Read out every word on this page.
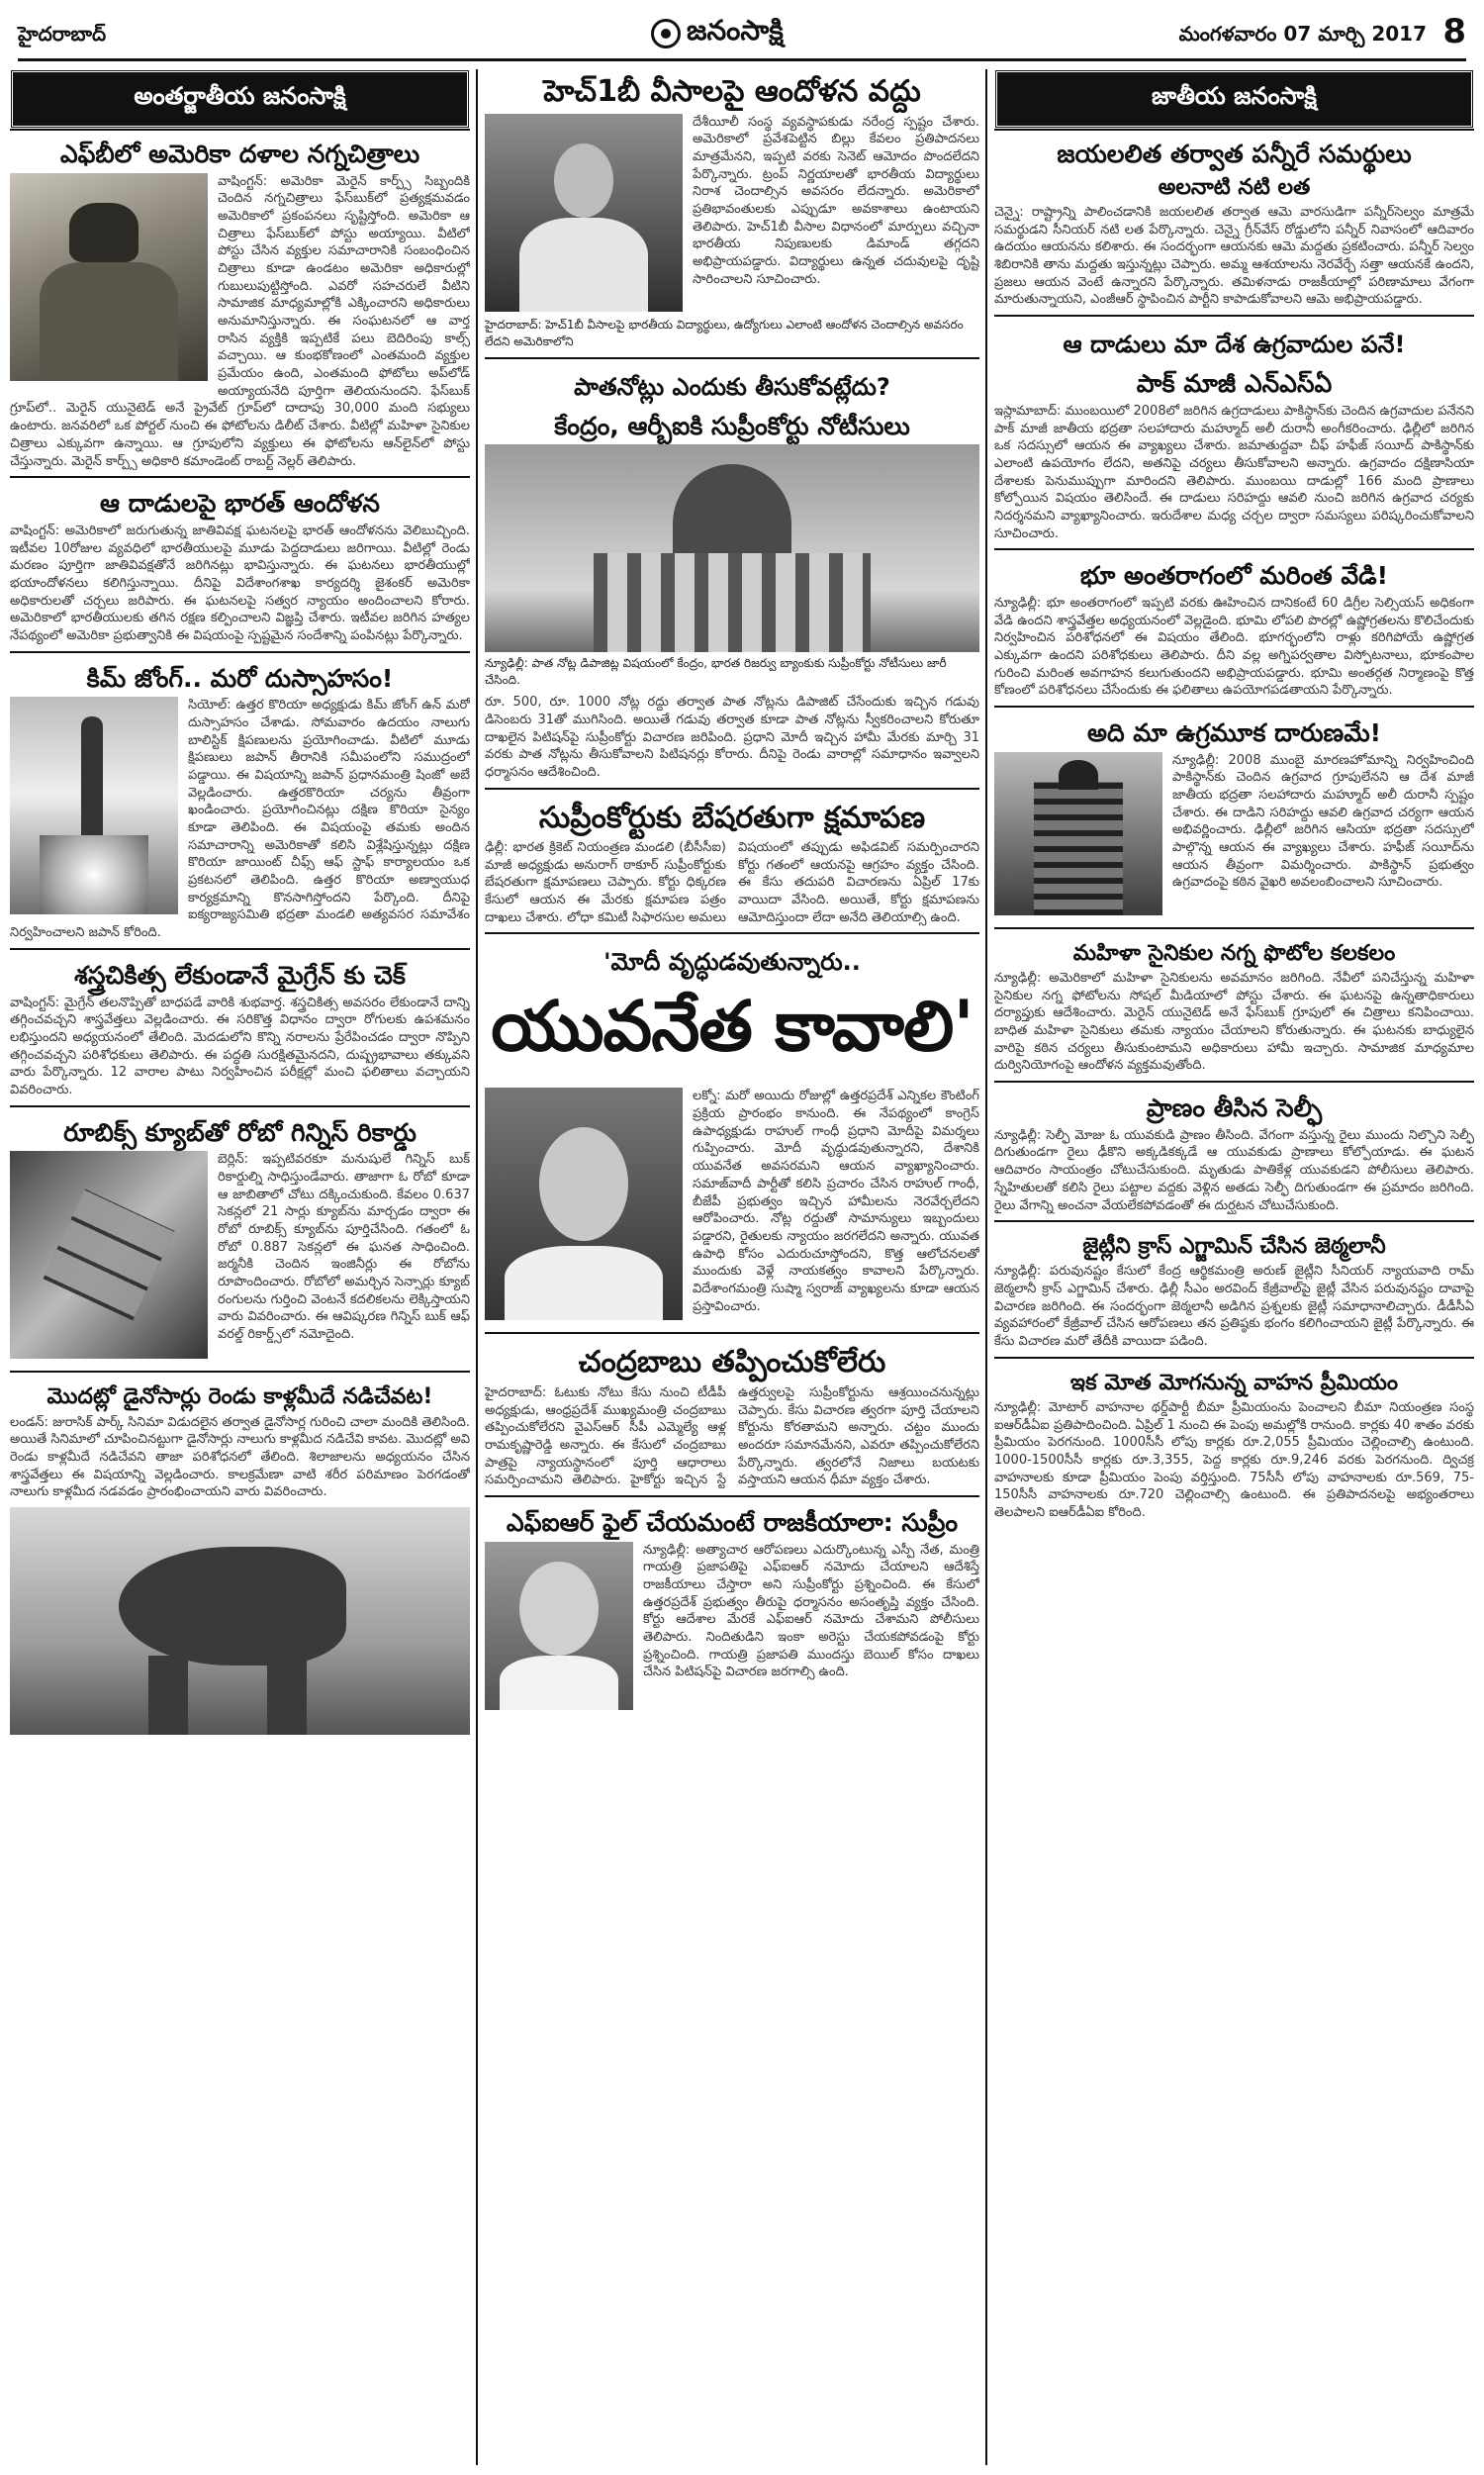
హైదరాబాద్	జనంసాక్షి	మంగళవారం 07 మార్చి 2017 8
అంతర్జాతీయ జనంసాక్షి
ఎఫ్‌బీలో అమెరికా దళాల నగ్నచిత్రాలు

వాషింగ్టన్‌: అమెరికా మెరైన్‌ కార్ప్స్‌ సిబ్బందికి చెందిన నగ్నచిత్రాలు ఫేస్‌బుక్‌లో ప్రత్యక్షమవడం అమెరికాలో ప్రకంపనలు సృష్టిస్తోంది. అమెరికా ఆ చిత్రాలు ఫేస్‌బుక్‌లో పోస్టు అయ్యాయి. వీటిలో పోస్టు చేసిన వ్యక్తుల సమాచారానికి సంబంధించిన చిత్రాలు కూడా ఉండటం అమెరికా అధికారుల్లో గుబులుపుట్టిస్తోంది. ఎవరో సహచరులే వీటిని సామాజిక మాధ్యమాల్లోకి ఎక్కించారని అధికారులు అనుమానిస్తున్నారు. ఈ సంఘటనలో ఆ వార్త రాసిన వ్యక్తికి ఇప్పటికే పలు బెదిరింపు కాల్స్‌ వచ్చాయి. ఆ కుంభకోణంలో ఎంతమంది వ్యక్తుల ప్రమేయం ఉంది, ఎంతమంది ఫోటోలు అప్‌లోడ్‌ అయ్యాయనేది పూర్తిగా తెలియనుందని. ఫేస్‌బుక్‌ గ్రూప్‌లో.. మెరైన్‌ యునైటెడ్‌ అనే ప్రైవేట్‌ గ్రూప్‌లో దాదాపు 30,000 మంది సభ్యులు ఉంటారు. జనవరిలో ఒక పోర్టల్‌ నుంచి ఈ ఫోటోలను డిలీట్‌ చేశారు. వీటిల్లో మహిళా సైనికుల చిత్రాలు ఎక్కువగా ఉన్నాయి. ఆ గ్రూపులోని వ్యక్తులు ఈ ఫోటోలను ఆన్‌లైన్‌లో పోస్టు చేస్తున్నారు. మెరైన్‌ కార్ప్స్‌ అధికారి కమాండెంట్‌ రాబర్ట్‌ నెల్లర్‌ తెలిపారు.

ఆ దాడులపై భారత్‌ ఆందోళన

వాషింగ్టన్‌: అమెరికాలో జరుగుతున్న జాతివివక్ష ఘటనలపై భారత్‌ ఆందోళనను వెలిబుచ్చింది. ఇటీవల 10రోజుల వ్యవధిలో భారతీయులపై మూడు పెద్దదాడులు జరిగాయి. వీటిల్లో రెండు మరణం పూర్తిగా జాతివివక్షతోనే జరిగినట్లు భావిస్తున్నారు. ఈ ఘటనలు భారతీయుల్లో భయాందోళనలు కలిగిస్తున్నాయి. దీనిపై విదేశాంగశాఖ కార్యదర్శి జైశంకర్‌ అమెరికా అధికారులతో చర్చలు జరిపారు. ఈ ఘటనలపై సత్వర న్యాయం అందించాలని కోరారు. అమెరికాలో భారతీయులకు తగిన రక్షణ కల్పించాలని విజ్ఞప్తి చేశారు. ఇటీవల జరిగిన హత్యల నేపథ్యంలో అమెరికా ప్రభుత్వానికి ఈ విషయంపై స్పష్టమైన సందేశాన్ని పంపినట్లు పేర్కొన్నారు.

కిమ్‌ జోంగ్‌.. మరో దుస్సాహసం!

సియోల్‌: ఉత్తర కొరియా అధ్యక్షుడు కిమ్‌ జోంగ్‌ ఉన్‌ మరో దుస్సాహసం చేశాడు. సోమవారం ఉదయం నాలుగు బాలిస్టిక్‌ క్షిపణులను ప్రయోగించాడు. వీటిలో మూడు క్షిపణులు జపాన్‌ తీరానికి సమీపంలోని సముద్రంలో పడ్డాయి. ఈ విషయాన్ని జపాన్‌ ప్రధానమంత్రి షింజో అబే వెల్లడించారు. ఉత్తరకొరియా చర్యను తీవ్రంగా ఖండించారు. ప్రయోగించినట్లు దక్షిణ కొరియా సైన్యం కూడా తెలిపింది. ఈ విషయంపై తమకు అందిన సమాచారాన్ని అమెరికాతో కలిసి విశ్లేషిస్తున్నట్లు దక్షిణ కొరియా జాయింట్‌ చీఫ్స్‌ ఆఫ్‌ స్టాఫ్‌ కార్యాలయం ఒక ప్రకటనలో తెలిపింది. ఉత్తర కొరియా అణ్వాయుధ కార్యక్రమాన్ని కొనసాగిస్తోందని పేర్కొంది. దీనిపై ఐక్యరాజ్యసమితి భద్రతా మండలి అత్యవసర సమావేశం నిర్వహించాలని జపాన్‌ కోరింది.

శస్త్రచికిత్స లేకుండానే మైగ్రేన్‌ కు చెక్‌

వాషింగ్టన్‌: మైగ్రేన్‌ తలనొప్పితో బాధపడే వారికి శుభవార్త. శస్త్రచికిత్స అవసరం లేకుండానే దాన్ని తగ్గించవచ్చని శాస్త్రవేత్తలు వెల్లడించారు. ఈ సరికొత్త విధానం ద్వారా రోగులకు ఉపశమనం లభిస్తుందని అధ్యయనంలో తేలింది. మెదడులోని కొన్ని నరాలను ప్రేరేపించడం ద్వారా నొప్పిని తగ్గించవచ్చని పరిశోధకులు తెలిపారు. ఈ పద్ధతి సురక్షితమైనదని, దుష్ప్రభావాలు తక్కువని వారు పేర్కొన్నారు. 12 వారాల పాటు నిర్వహించిన పరీక్షల్లో మంచి ఫలితాలు వచ్చాయని వివరించారు.

రూబిక్స్‌ క్యూబ్‌తో రోబో గిన్నిస్‌ రికార్డు

బెర్లిన్‌: ఇప్పటివరకూ మనుషులే గిన్నిస్‌ బుక్‌ రికార్డుల్ని సాధిస్తుండేవారు. తాజాగా ఓ రోబో కూడా ఆ జాబితాలో చోటు దక్కించుకుంది. కేవలం 0.637 సెకన్లలో 21 సార్లు క్యూబ్‌ను మార్చడం ద్వారా ఈ రోబో రూబిక్స్‌ క్యూబ్‌ను పూర్తిచేసింది. గతంలో ఓ రోబో 0.887 సెకన్లలో ఈ ఘనత సాధించింది. జర్మనీకి చెందిన ఇంజినీర్లు ఈ రోబోను రూపొందించారు. రోబోలో అమర్చిన సెన్సార్లు క్యూబ్‌ రంగులను గుర్తించి వెంటనే కదలికలను లెక్కిస్తాయని వారు వివరించారు. ఈ ఆవిష్కరణ గిన్నిస్‌ బుక్‌ ఆఫ్‌ వరల్డ్‌ రికార్డ్స్‌లో నమోదైంది.

మొదట్లో డైనోసార్లు రెండు కాళ్లమీదే నడిచేవట!

లండన్‌: జురాసిక్‌ పార్క్‌ సినిమా విడుదలైన తర్వాత డైనోసార్ల గురించి చాలా మందికి తెలిసింది. అయితే సినిమాలో చూపించినట్టుగా డైనోసార్లు నాలుగు కాళ్లమీద నడిచేవి కావట. మొదట్లో అవి రెండు కాళ్లమీదే నడిచేవని తాజా పరిశోధనలో తేలింది. శిలాజాలను అధ్యయనం చేసిన శాస్త్రవేత్తలు ఈ విషయాన్ని వెల్లడించారు. కాలక్రమేణా వాటి శరీర పరిమాణం పెరగడంతో నాలుగు కాళ్లమీద నడవడం ప్రారంభించాయని వారు వివరించారు.

హెచ్‌1బీ వీసాలపై ఆందోళన వద్దు

దేశీయీలీ సంస్థ వ్యవస్థాపకుడు నరేంద్ర స్పష్టం చేశారు. అమెరికాలో ప్రవేశపెట్టిన బిల్లు కేవలం ప్రతిపాదనలు మాత్రమేనని, ఇప్పటి వరకు సెనెట్‌ ఆమోదం పొందలేదని పేర్కొన్నారు. ట్రంప్‌ నిర్ణయాలతో భారతీయ విద్యార్థులు నిరాశ చెందాల్సిన అవసరం లేదన్నారు. అమెరికాలో ప్రతిభావంతులకు ఎప్పుడూ అవకాశాలు ఉంటాయని తెలిపారు. హెచ్‌1బీ వీసాల విధానంలో మార్పులు వచ్చినా భారతీయ నిపుణులకు డిమాండ్‌ తగ్గదని అభిప్రాయపడ్డారు. విద్యార్థులు ఉన్నత చదువులపై దృష్టి సారించాలని సూచించారు.

హైదరాబాద్‌: హెచ్‌1బీ వీసాలపై భారతీయ విద్యార్థులు, ఉద్యోగులు ఎలాంటి ఆందోళన చెందాల్సిన అవసరం లేదని అమెరికాలోని

పాతనోట్లు ఎందుకు తీసుకోవట్లేదు?
కేంద్రం, ఆర్బీఐకి సుప్రీంకోర్టు నోటీసులు

న్యూఢిల్లీ: పాత నోట్ల డిపాజిట్ల విషయంలో కేంద్రం, భారత రిజర్వు బ్యాంకుకు సుప్రీంకోర్టు నోటీసులు జారీ చేసింది.

రూ. 500, రూ. 1000 నోట్ల రద్దు తర్వాత పాత నోట్లను డిపాజిట్‌ చేసేందుకు ఇచ్చిన గడువు డిసెంబరు 31తో ముగిసింది. అయితే గడువు తర్వాత కూడా పాత నోట్లను స్వీకరించాలని కోరుతూ దాఖలైన పిటిషన్‌పై సుప్రీంకోర్టు విచారణ జరిపింది. ప్రధాని మోదీ ఇచ్చిన హామీ మేరకు మార్చి 31 వరకు పాత నోట్లను తీసుకోవాలని పిటిషనర్లు కోరారు. దీనిపై రెండు వారాల్లో సమాధానం ఇవ్వాలని ధర్మాసనం ఆదేశించింది.

సుప్రీంకోర్టుకు బేషరతుగా క్షమాపణ

ఢిల్లీ: భారత క్రికెట్‌ నియంత్రణ మండలి (బీసీసీఐ) మాజీ అధ్యక్షుడు అనురాగ్‌ ఠాకూర్‌ సుప్రీంకోర్టుకు బేషరతుగా క్షమాపణలు చెప్పారు. కోర్టు ధిక్కరణ కేసులో ఆయన ఈ మేరకు క్షమాపణ పత్రం దాఖలు చేశారు. లోధా కమిటీ సిఫారసుల అమలు విషయంలో తప్పుడు అఫిడవిట్‌ సమర్పించారని కోర్టు గతంలో ఆయనపై ఆగ్రహం వ్యక్తం చేసింది. ఈ కేసు తదుపరి విచారణను ఏప్రిల్‌ 17కు వాయిదా వేసింది. అయితే, కోర్టు క్షమాపణను ఆమోదిస్తుందా లేదా అనేది తెలియాల్సి ఉంది.

'మోదీ వృద్ధుడవుతున్నారు..
యువనేత కావాలి'

లక్నో: మరో అయిదు రోజుల్లో ఉత్తరప్రదేశ్‌ ఎన్నికల కౌంటింగ్‌ ప్రక్రియ ప్రారంభం కానుంది. ఈ నేపథ్యంలో కాంగ్రెస్‌ ఉపాధ్యక్షుడు రాహుల్‌ గాంధీ ప్రధాని మోదీపై విమర్శలు గుప్పించారు. మోదీ వృద్ధుడవుతున్నారని, దేశానికి యువనేత అవసరమని ఆయన వ్యాఖ్యానించారు. సమాజ్‌వాదీ పార్టీతో కలిసి ప్రచారం చేసిన రాహుల్‌ గాంధీ, బీజేపీ ప్రభుత్వం ఇచ్చిన హామీలను నెరవేర్చలేదని ఆరోపించారు. నోట్ల రద్దుతో సామాన్యులు ఇబ్బందులు పడ్డారని, రైతులకు న్యాయం జరగలేదని అన్నారు. యువత ఉపాధి కోసం ఎదురుచూస్తోందని, కొత్త ఆలోచనలతో ముందుకు వెళ్లే నాయకత్వం కావాలని పేర్కొన్నారు. విదేశాంగమంత్రి సుష్మా స్వరాజ్‌ వ్యాఖ్యలను కూడా ఆయన ప్రస్తావించారు.

చంద్రబాబు తప్పించుకోలేరు

హైదరాబాద్‌: ఓటుకు నోటు కేసు నుంచి టీడీపీ అధ్యక్షుడు, ఆంధ్రప్రదేశ్‌ ముఖ్యమంత్రి చంద్రబాబు తప్పించుకోలేరని వైఎస్‌ఆర్‌ సీపీ ఎమ్మెల్యే ఆళ్ల రామకృష్ణారెడ్డి అన్నారు. ఈ కేసులో చంద్రబాబు పాత్రపై న్యాయస్థానంలో పూర్తి ఆధారాలు సమర్పించామని తెలిపారు. హైకోర్టు ఇచ్చిన స్టే ఉత్తర్వులపై సుప్రీంకోర్టును ఆశ్రయించనున్నట్లు చెప్పారు. కేసు విచారణ త్వరగా పూర్తి చేయాలని కోర్టును కోరతామని అన్నారు. చట్టం ముందు అందరూ సమానమేనని, ఎవరూ తప్పించుకోలేరని పేర్కొన్నారు. త్వరలోనే నిజాలు బయటకు వస్తాయని ఆయన ధీమా వ్యక్తం చేశారు.

ఎఫ్‌ఐఆర్‌ ఫైల్‌ చేయమంటే రాజకీయాలా: సుప్రీం

న్యూఢిల్లీ: అత్యాచార ఆరోపణలు ఎదుర్కొంటున్న ఎస్పీ నేత, మంత్రి గాయత్రి ప్రజాపతిపై ఎఫ్‌ఐఆర్‌ నమోదు చేయాలని ఆదేశిస్తే రాజకీయాలు చేస్తారా అని సుప్రీంకోర్టు ప్రశ్నించింది. ఈ కేసులో ఉత్తరప్రదేశ్‌ ప్రభుత్వం తీరుపై ధర్మాసనం అసంతృప్తి వ్యక్తం చేసింది. కోర్టు ఆదేశాల మేరకే ఎఫ్‌ఐఆర్‌ నమోదు చేశామని పోలీసులు తెలిపారు. నిందితుడిని ఇంకా అరెస్టు చేయకపోవడంపై కోర్టు ప్రశ్నించింది. గాయత్రి ప్రజాపతి ముందస్తు బెయిల్‌ కోసం దాఖలు చేసిన పిటిషన్‌పై విచారణ జరగాల్సి ఉంది.

జాతీయ జనంసాక్షి
జయలలిత తర్వాత పన్నీరే సమర్థులు
అలనాటి నటి లత

చెన్నై: రాష్ట్రాన్ని పాలించడానికి జయలలిత తర్వాత ఆమె వారసుడిగా పన్నీర్‌సెల్వం మాత్రమే సమర్థుడని సీనియర్‌ నటి లత పేర్కొన్నారు. చెన్నై గ్రీన్‌వేస్‌ రోడ్డులోని పన్నీర్‌ నివాసంలో ఆదివారం ఉదయం ఆయనను కలిశారు. ఈ సందర్భంగా ఆయనకు ఆమె మద్దతు ప్రకటించారు. పన్నీర్‌ సెల్వం శిబిరానికి తాను మద్దతు ఇస్తున్నట్లు చెప్పారు. అమ్మ ఆశయాలను నెరవేర్చే సత్తా ఆయనకే ఉందని, ప్రజలు ఆయన వెంటే ఉన్నారని పేర్కొన్నారు. తమిళనాడు రాజకీయాల్లో పరిణామాలు వేగంగా మారుతున్నాయని, ఎంజీఆర్‌ స్థాపించిన పార్టీని కాపాడుకోవాలని ఆమె అభిప్రాయపడ్డారు.

ఆ దాడులు మా దేశ ఉగ్రవాదుల పనే!
పాక్‌ మాజీ ఎన్‌ఎస్‌ఏ

ఇస్లామాబాద్‌: ముంబయిలో 2008లో జరిగిన ఉగ్రదాడులు పాకిస్థాన్‌కు చెందిన ఉగ్రవాదుల పనేనని పాక్‌ మాజీ జాతీయ భద్రతా సలహాదారు మహ్మూద్‌ అలీ దురానీ అంగీకరించారు. ఢిల్లీలో జరిగిన ఒక సదస్సులో ఆయన ఈ వ్యాఖ్యలు చేశారు. జమాతుద్దవా చీఫ్‌ హఫీజ్‌ సయీద్‌ పాకిస్థాన్‌కు ఎలాంటి ఉపయోగం లేదని, అతనిపై చర్యలు తీసుకోవాలని అన్నారు. ఉగ్రవాదం దక్షిణాసియా దేశాలకు పెనుముప్పుగా మారిందని తెలిపారు. ముంబయి దాడుల్లో 166 మంది ప్రాణాలు కోల్పోయిన విషయం తెలిసిందే. ఈ దాడులు సరిహద్దు ఆవలి నుంచి జరిగిన ఉగ్రవాద చర్యకు నిదర్శనమని వ్యాఖ్యానించారు. ఇరుదేశాల మధ్య చర్చల ద్వారా సమస్యలు పరిష్కరించుకోవాలని సూచించారు.

భూ అంతరాగంలో మరింత వేడి!

న్యూఢిల్లీ: భూ అంతరాగంలో ఇప్పటి వరకు ఊహించిన దానికంటే 60 డిగ్రీల సెల్సియస్‌ అధికంగా వేడి ఉందని శాస్త్రవేత్తల అధ్యయనంలో వెల్లడైంది. భూమి లోపలి పొరల్లో ఉష్ణోగ్రతలను కొలిచేందుకు నిర్వహించిన పరిశోధనలో ఈ విషయం తేలింది. భూగర్భంలోని రాళ్లు కరిగిపోయే ఉష్ణోగ్రత ఎక్కువగా ఉందని పరిశోధకులు తెలిపారు. దీని వల్ల అగ్నిపర్వతాల విస్ఫోటనాలు, భూకంపాల గురించి మరింత అవగాహన కలుగుతుందని అభిప్రాయపడ్డారు. భూమి అంతర్గత నిర్మాణంపై కొత్త కోణంలో పరిశోధనలు చేసేందుకు ఈ ఫలితాలు ఉపయోగపడతాయని పేర్కొన్నారు.

అది మా ఉగ్రమూక దారుణమే!

న్యూఢిల్లీ: 2008 ముంబై మారణహోమాన్ని నిర్వహించింది పాకిస్థాన్‌కు చెందిన ఉగ్రవాద గ్రూపులేనని ఆ దేశ మాజీ జాతీయ భద్రతా సలహాదారు మహ్మూద్‌ అలీ దురానీ స్పష్టం చేశారు. ఈ దాడిని సరిహద్దు ఆవలి ఉగ్రవాద చర్యగా ఆయన అభివర్ణించారు. ఢిల్లీలో జరిగిన ఆసియా భద్రతా సదస్సులో పాల్గొన్న ఆయన ఈ వ్యాఖ్యలు చేశారు. హఫీజ్‌ సయీద్‌ను ఆయన తీవ్రంగా విమర్శించారు. పాకిస్థాన్‌ ప్రభుత్వం ఉగ్రవాదంపై కఠిన వైఖరి అవలంబించాలని సూచించారు.

మహిళా సైనికుల నగ్న ఫొటోల కలకలం

న్యూఢిల్లీ: అమెరికాలో మహిళా సైనికులను అవమానం జరిగింది. నేవీలో పనిచేస్తున్న మహిళా సైనికుల నగ్న ఫోటోలను సోషల్‌ మీడియాలో పోస్టు చేశారు. ఈ ఘటనపై ఉన్నతాధికారులు దర్యాప్తుకు ఆదేశించారు. మెరైన్‌ యునైటెడ్‌ అనే ఫేస్‌బుక్‌ గ్రూపులో ఈ చిత్రాలు కనిపించాయి. బాధిత మహిళా సైనికులు తమకు న్యాయం చేయాలని కోరుతున్నారు. ఈ ఘటనకు బాధ్యులైన వారిపై కఠిన చర్యలు తీసుకుంటామని అధికారులు హామీ ఇచ్చారు. సామాజిక మాధ్యమాల దుర్వినియోగంపై ఆందోళన వ్యక్తమవుతోంది.

ప్రాణం తీసిన సెల్ఫీ

న్యూఢిల్లీ: సెల్ఫీ మోజు ఓ యువకుడి ప్రాణం తీసింది. వేగంగా వస్తున్న రైలు ముందు నిల్చొని సెల్ఫీ దిగుతుండగా రైలు ఢీకొని అక్కడికక్కడే ఆ యువకుడు ప్రాణాలు కోల్పోయాడు. ఈ ఘటన ఆదివారం సాయంత్రం చోటుచేసుకుంది. మృతుడు పాతికేళ్ల యువకుడని పోలీసులు తెలిపారు. స్నేహితులతో కలిసి రైలు పట్టాల వద్దకు వెళ్లిన అతడు సెల్ఫీ దిగుతుండగా ఈ ప్రమాదం జరిగింది. రైలు వేగాన్ని అంచనా వేయలేకపోవడంతో ఈ దుర్ఘటన చోటుచేసుకుంది.

జైట్లీని క్రాస్‌ ఎగ్జామిన్‌ చేసిన జెఠ్మలానీ

న్యూఢిల్లీ: పరువునష్టం కేసులో కేంద్ర ఆర్థికమంత్రి అరుణ్‌ జైట్లీని సీనియర్‌ న్యాయవాది రామ్‌ జెఠ్మలానీ క్రాస్‌ ఎగ్జామిన్‌ చేశారు. ఢిల్లీ సీఎం అరవింద్‌ కేజ్రీవాల్‌పై జైట్లీ వేసిన పరువునష్టం దావాపై విచారణ జరిగింది. ఈ సందర్భంగా జెఠ్మలానీ అడిగిన ప్రశ్నలకు జైట్లీ సమాధానాలిచ్చారు. డీడీసీఏ వ్యవహారంలో కేజ్రీవాల్‌ చేసిన ఆరోపణలు తన ప్రతిష్ఠకు భంగం కలిగించాయని జైట్లీ పేర్కొన్నారు. ఈ కేసు విచారణ మరో తేదీకి వాయిదా పడింది.

ఇక మోత మోగనున్న వాహన ప్రీమియం

న్యూఢిల్లీ: మోటార్‌ వాహనాల థర్డ్‌పార్టీ బీమా ప్రీమియంను పెంచాలని బీమా నియంత్రణ సంస్థ ఐఆర్‌డీఏఐ ప్రతిపాదించింది. ఏప్రిల్‌ 1 నుంచి ఈ పెంపు అమల్లోకి రానుంది. కార్లకు 40 శాతం వరకు ప్రీమియం పెరగనుంది. 1000సీసీ లోపు కార్లకు రూ.2,055 ప్రీమియం చెల్లించాల్సి ఉంటుంది. 1000-1500సీసీ కార్లకు రూ.3,355, పెద్ద కార్లకు రూ.9,246 వరకు పెరగనుంది. ద్విచక్ర వాహనాలకు కూడా ప్రీమియం పెంపు వర్తిస్తుంది. 75సీసీ లోపు వాహనాలకు రూ.569, 75-150సీసీ వాహనాలకు రూ.720 చెల్లించాల్సి ఉంటుంది. ఈ ప్రతిపాదనలపై అభ్యంతరాలు తెలపాలని ఐఆర్‌డీఏఐ కోరింది.
